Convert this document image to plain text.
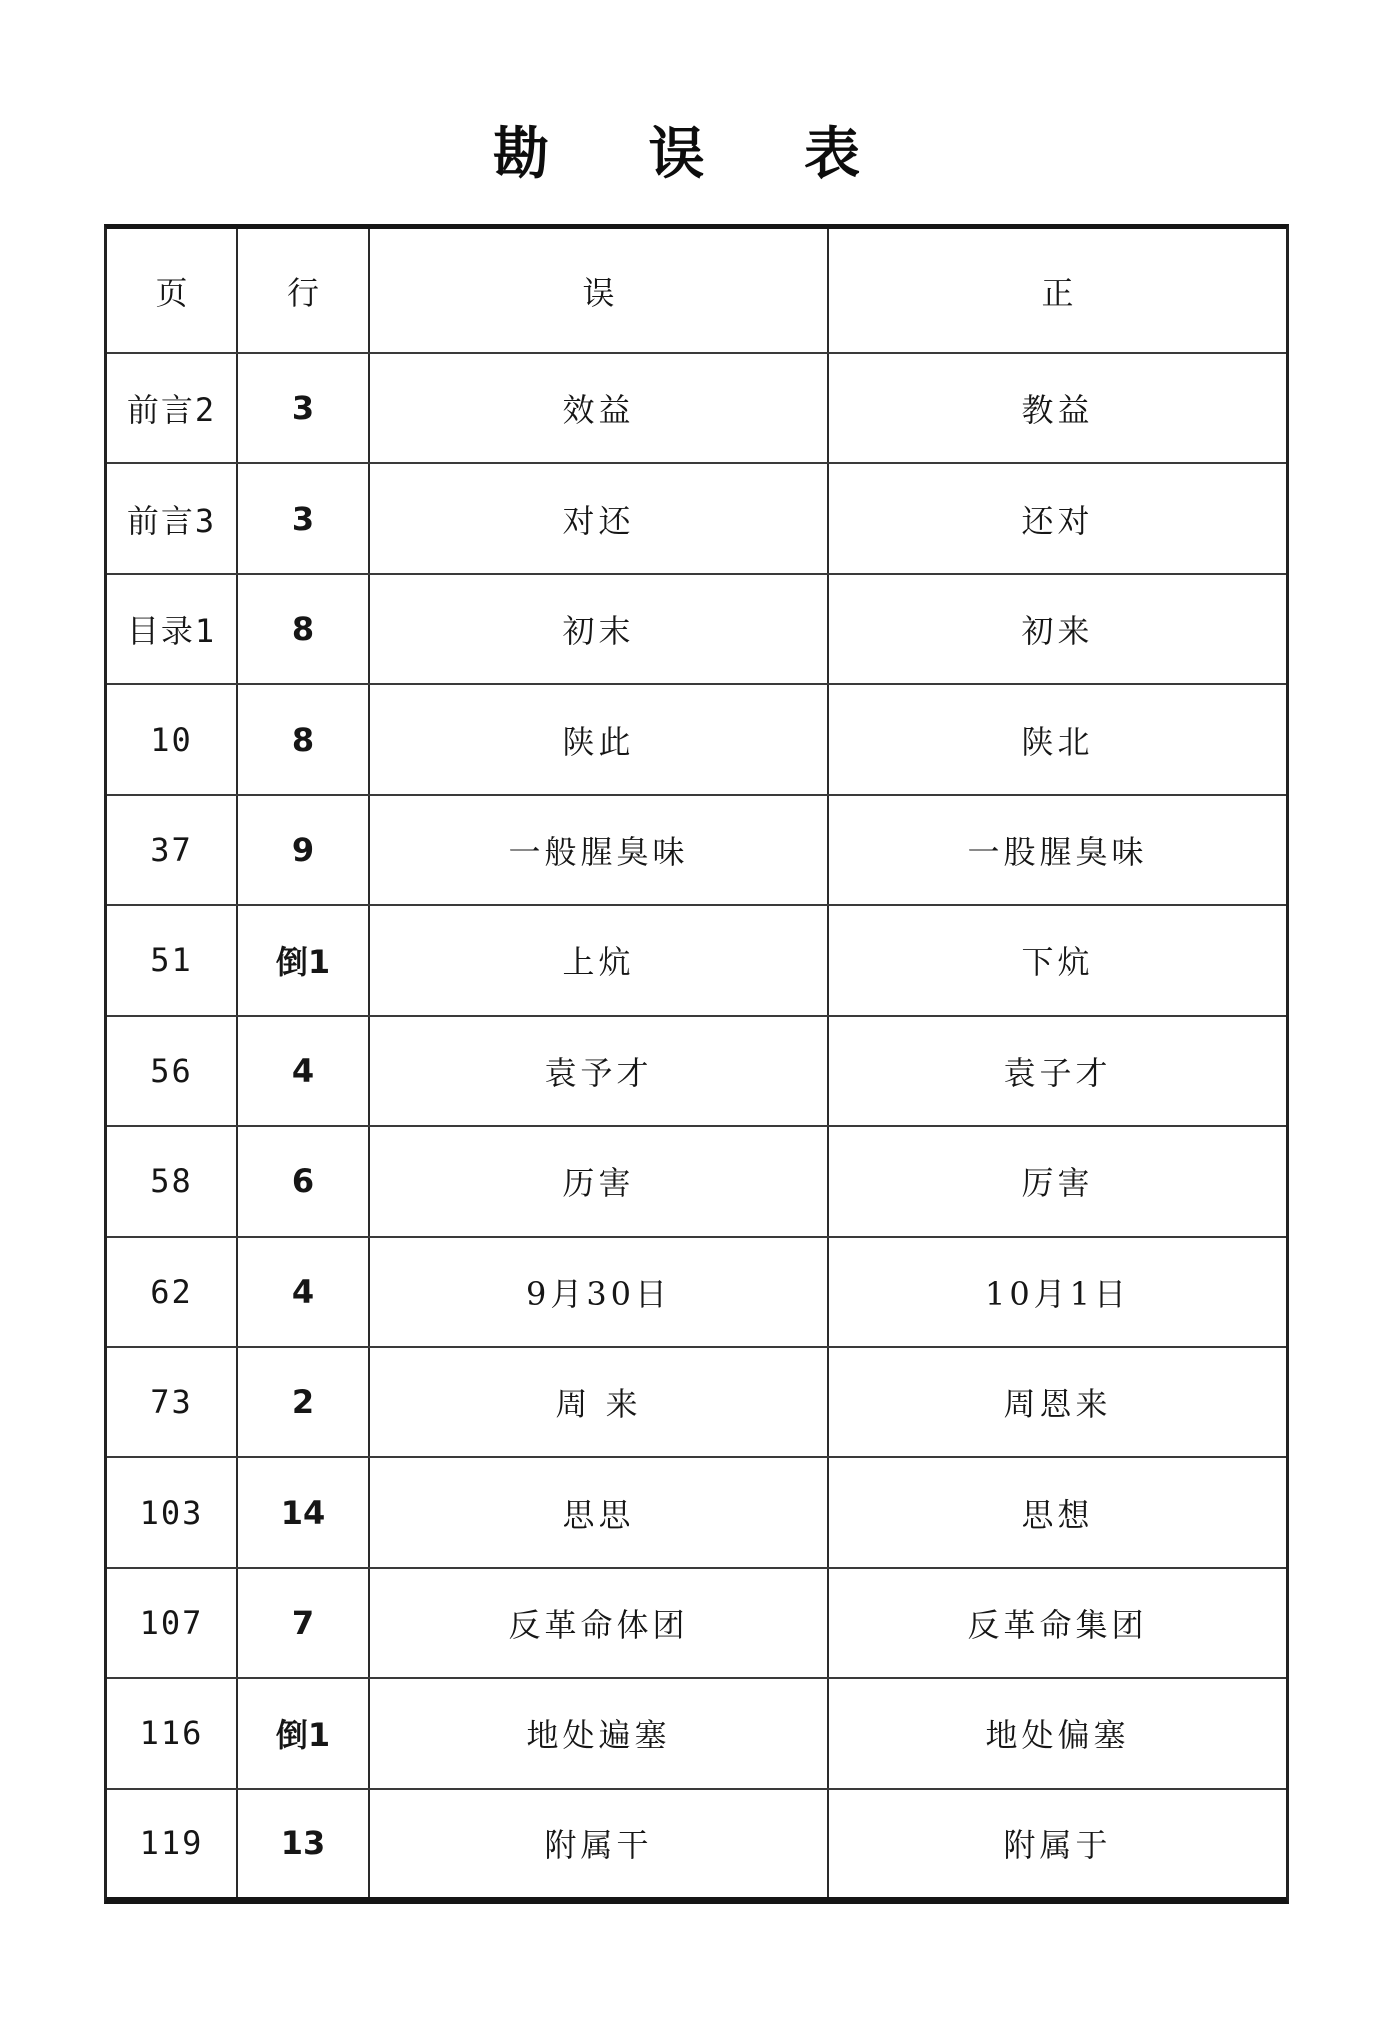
勘 误 表
页	行	误	正
前言2	3	效益	教益
前言3	3	对还	还对
目录1	8	初末	初来
10	8	陕此	陕北
37	9	一般腥臭味	一股腥臭味
51	倒1	上炕	下炕
56	4	袁予才	袁子才
58	6	历害	厉害
62	4	9月30日	10月1日
73	2	周 来	周恩来
103	14	思思	思想
107	7	反革命体团	反革命集团
116	倒1	地处遍塞	地处偏塞
119	13	附属干	附属于
